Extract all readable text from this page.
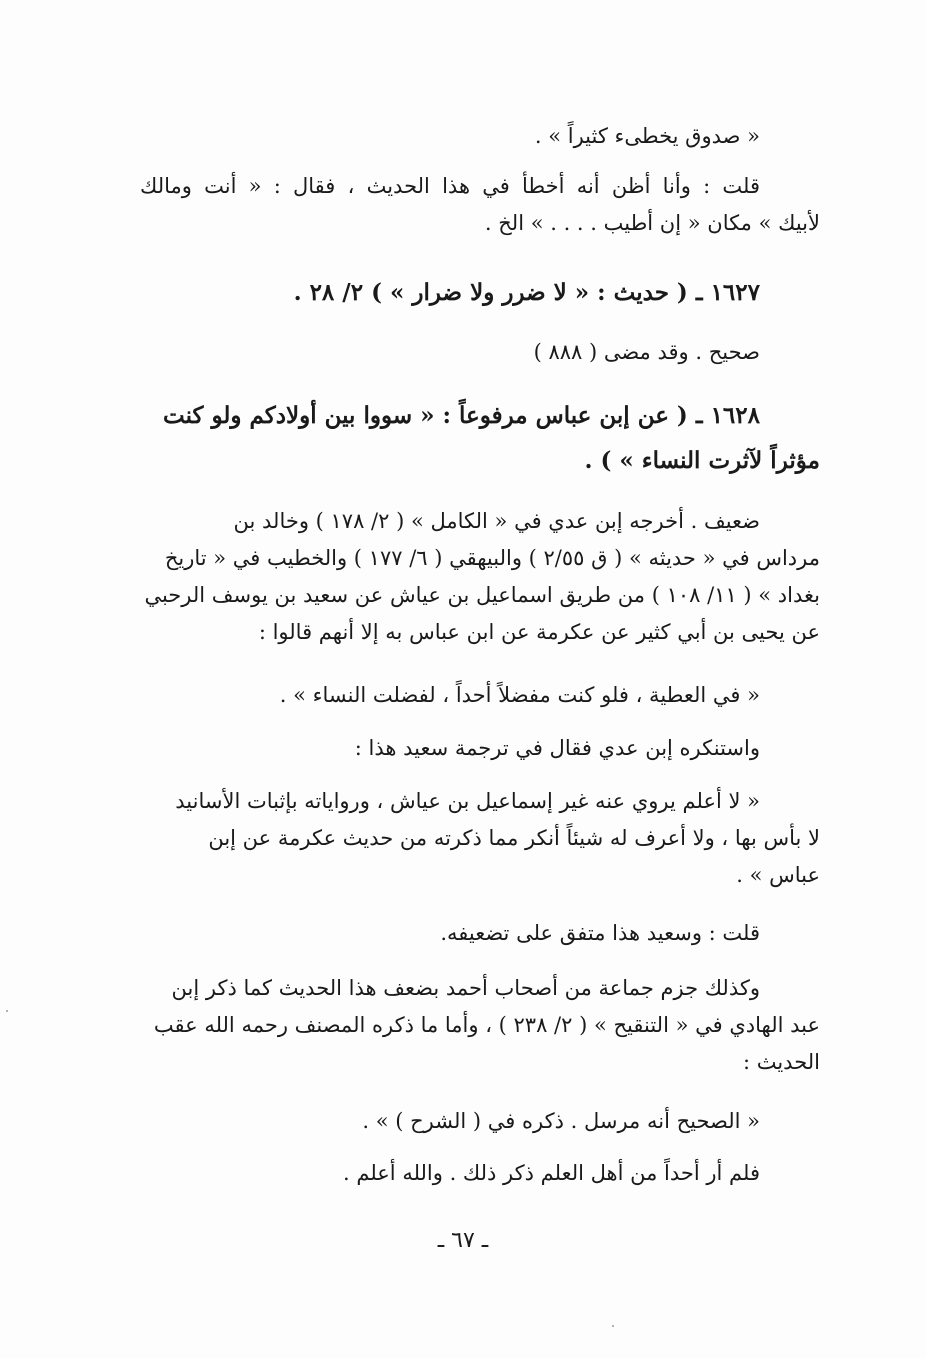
« صدوق يخطىء كثيراً » .
قلت : وأنا أظن أنه أخطأ في هذا الحديث ، فقال : « أنت ومالك
لأبيك » مكان « إن أطيب . . . . » الخ .
١٦٢٧ ـ ( حديث : « لا ضرر ولا ضرار » ) ٢/ ٢٨ .
صحيح . وقد مضى ( ٨٨٨ )
١٦٢٨ ـ ( عن إبن عباس مرفوعاً : « سووا بين أولادكم ولو كنت
مؤثراً لآثرت النساء » ) .
ضعيف . أخرجه إبن عدي في « الكامل » ( ٢/ ١٧٨ ) وخالد بن
مرداس في « حديثه » ( ق ٢/٥٥ ) والبيهقي ( ٦/ ١٧٧ ) والخطيب في « تاريخ
بغداد » ( ١١/ ١٠٨ ) من طريق اسماعيل بن عياش عن سعيد بن يوسف الرحبي
عن يحيى بن أبي كثير عن عكرمة عن ابن عباس به إلا أنهم قالوا :
« في العطية ، فلو كنت مفضلاً أحداً ، لفضلت النساء » .
واستنكره إبن عدي فقال في ترجمة سعيد هذا :
« لا أعلم يروي عنه غير إسماعيل بن عياش ، ورواياته بإثبات الأسانيد
لا بأس بها ، ولا أعرف له شيئاً أنكر مما ذكرته من حديث عكرمة عن إبن
عباس » .
قلت : وسعيد هذا متفق على تضعيفه.
وكذلك جزم جماعة من أصحاب أحمد بضعف هذا الحديث كما ذكر إبن
عبد الهادي في « التنقيح » ( ٢/ ٢٣٨ ) ، وأما ما ذكره المصنف رحمه الله عقب
الحديث :
« الصحيح أنه مرسل . ذكره في ( الشرح ) » .
فلم أر أحداً من أهل العلم ذكر ذلك . والله أعلم .
ـ ٦٧ ـ
